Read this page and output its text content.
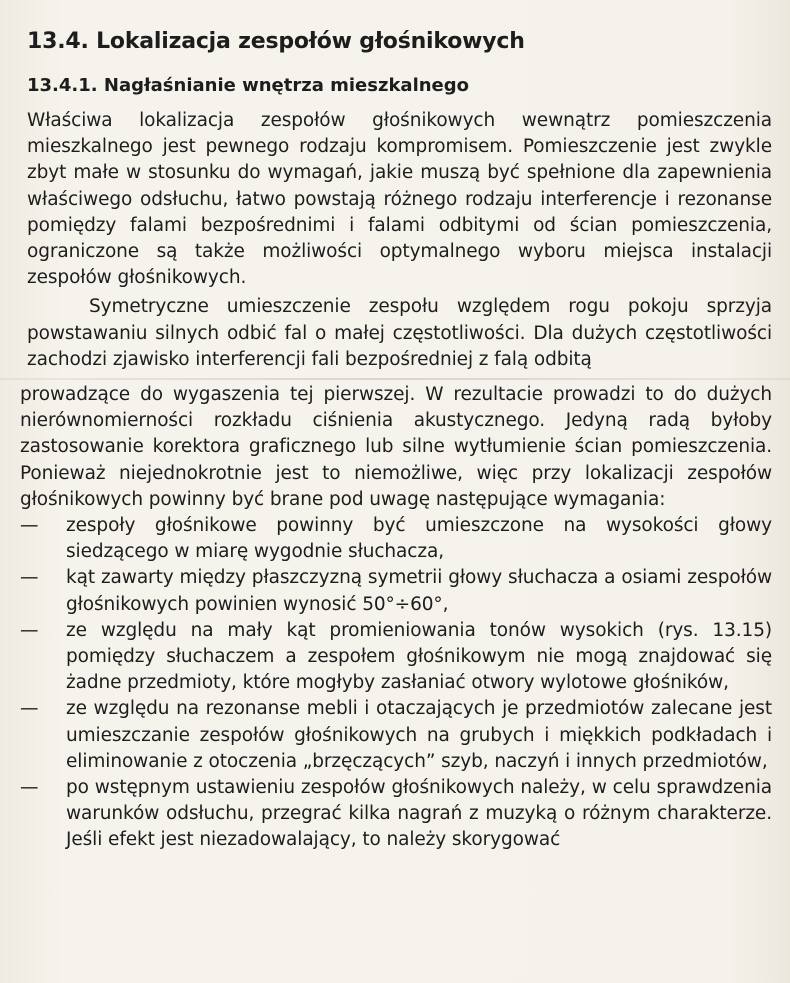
13.4. Lokalizacja zespołów głośnikowych
13.4.1. Nagłaśnianie wnętrza mieszkalnego

Właściwa lokalizacja zespołów głośnikowych wewnątrz pomieszczenia mieszkalnego jest pewnego rodzaju kompromisem. Pomieszczenie jest zwykle zbyt małe w stosunku do wymagań, jakie muszą być spełnione dla zapewnienia właściwego odsłuchu, łatwo powstają różnego rodzaju interferencje i rezonanse pomiędzy falami bezpośrednimi i falami odbitymi od ścian pomieszczenia, ograniczone są także możliwości optymalnego wyboru miejsca instalacji zespołów głośnikowych.

Symetryczne umieszczenie zespołu względem rogu pokoju sprzyja powstawaniu silnych odbić fal o małej częstotliwości. Dla dużych częstotliwości zachodzi zjawisko interferencji fali bezpośredniej z falą odbitą

prowadzące do wygaszenia tej pierwszej. W rezultacie prowadzi to do dużych nierównomierności rozkładu ciśnienia akustycznego. Jedyną radą byłoby zastosowanie korektora graficznego lub silne wytłumienie ścian pomieszczenia. Ponieważ niejednokrotnie jest to niemożliwe, więc przy lokalizacji zespołów głośnikowych powinny być brane pod uwagę następujące wymagania:

—	zespoły głośnikowe powinny być umieszczone na wysokości głowy siedzącego w miarę wygodnie słuchacza,
—	kąt zawarty między płaszczyzną symetrii głowy słuchacza a osiami zespołów głośnikowych powinien wynosić 50°÷60°,
—	ze względu na mały kąt promieniowania tonów wysokich (rys. 13.15) pomiędzy słuchaczem a zespołem głośnikowym nie mogą znajdować się żadne przedmioty, które mogłyby zasłaniać otwory wylotowe głośników,
—	ze względu na rezonanse mebli i otaczających je przedmiotów zalecane jest umieszczanie zespołów głośnikowych na grubych i miękkich podkładach i eliminowanie z otoczenia „brzęczących” szyb, naczyń i innych przedmiotów,
—	po wstępnym ustawieniu zespołów głośnikowych należy, w celu sprawdzenia warunków odsłuchu, przegrać kilka nagrań z muzyką o różnym charakterze. Jeśli efekt jest niezadowalający, to należy skorygować
